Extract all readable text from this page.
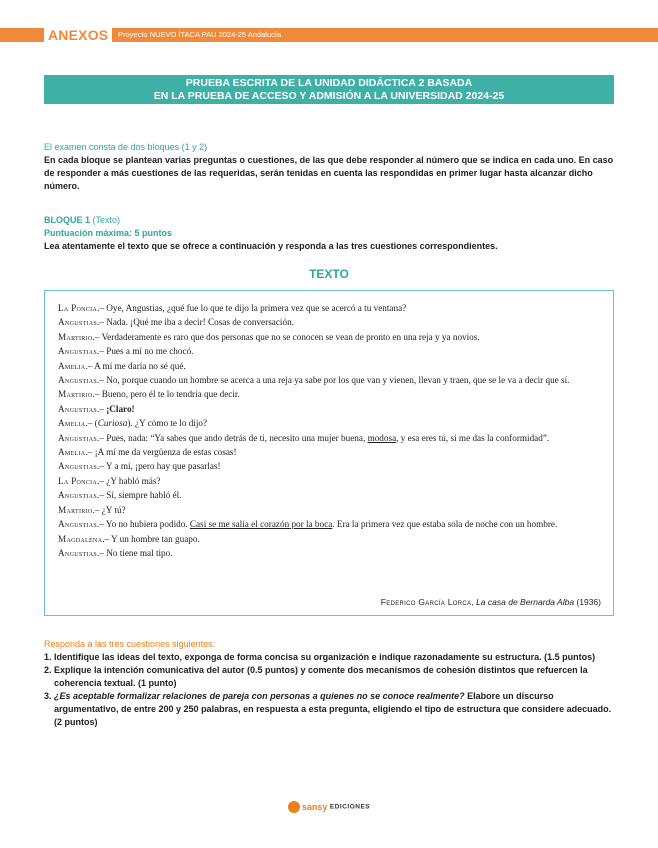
ANEXOS	Proyecto NUEVO ÍTACA PAU 2024-25 Andalucía
PRUEBA ESCRITA DE LA UNIDAD DIDÁCTICA 2 BASADA
EN LA PRUEBA DE ACCESO Y ADMISIÓN A LA UNIVERSIDAD 2024-25
El examen consta de dos bloques (1 y 2)
En cada bloque se plantean varias preguntas o cuestiones, de las que debe responder al número que se indica en cada uno. En caso de responder a más cuestiones de las requeridas, serán tenidas en cuenta las respondidas en primer lugar hasta alcanzar dicho número.
BLOQUE 1 (Texto)
Puntuación máxima: 5 puntos
Lea atentamente el texto que se ofrece a continuación y responda a las tres cuestiones correspondientes.
TEXTO

La Poncia.– Oye, Angustias, ¿qué fue lo que te dijo la primera vez que se acercó a tu ventana?

Angustias.– Nada. ¡Qué me iba a decir! Cosas de conversación.

Martirio.– Verdaderamente es raro que dos personas que no se conocen se vean de pronto en una reja y ya novios.

Angustias.– Pues a mí no me chocó.

Amelia.– A mí me daría no sé qué.

Angustias.– No, porque cuando un hombre se acerca a una reja ya sabe por los que van y vienen, llevan y traen, que se le va a decir que sí.

Martirio.– Bueno, pero él te lo tendría que decir.

Angustias.– ¡Claro!

Amelia.– (Curiosa). ¿Y cómo te lo dijo?

Angustias.– Pues, nada: “Ya sabes que ando detrás de ti, necesito una mujer buena, modosa, y esa eres tú, si me das la conformidad”.

Amelia.– ¡A mí me da vergüenza de estas cosas!

Angustias.– Y a mí, ¡pero hay que pasarlas!

La Poncia.– ¿Y habló más?

Angustias.– Sí, siempre habló él.

Martirio.– ¿Y tú?

Angustias.– Yo no hubiera podido. Casi se me salía el corazón por la boca. Era la primera vez que estaba sola de noche con un hombre.

Magdalena.– Y un hombre tan guapo.

Angustias.– No tiene mal tipo.

Federico García Lorca, La casa de Bernarda Alba (1936)
Responda a las tres cuestiones siguientes:
1. Identifique las ideas del texto, exponga de forma concisa su organización e indique razonadamente su estructura. (1.5 puntos)
2. Explique la intención comunicativa del autor (0.5 puntos) y comente dos mecanismos de cohesión distintos que refuercen la coherencia textual. (1 punto)
3. ¿Es aceptable formalizar relaciones de pareja con personas a quienes no se conoce realmente? Elabore un discurso argumentativo, de entre 200 y 250 palabras, en respuesta a esta pregunta, eligiendo el tipo de estructura que considere adecuado. (2 puntos)
sansy EDICIONES
